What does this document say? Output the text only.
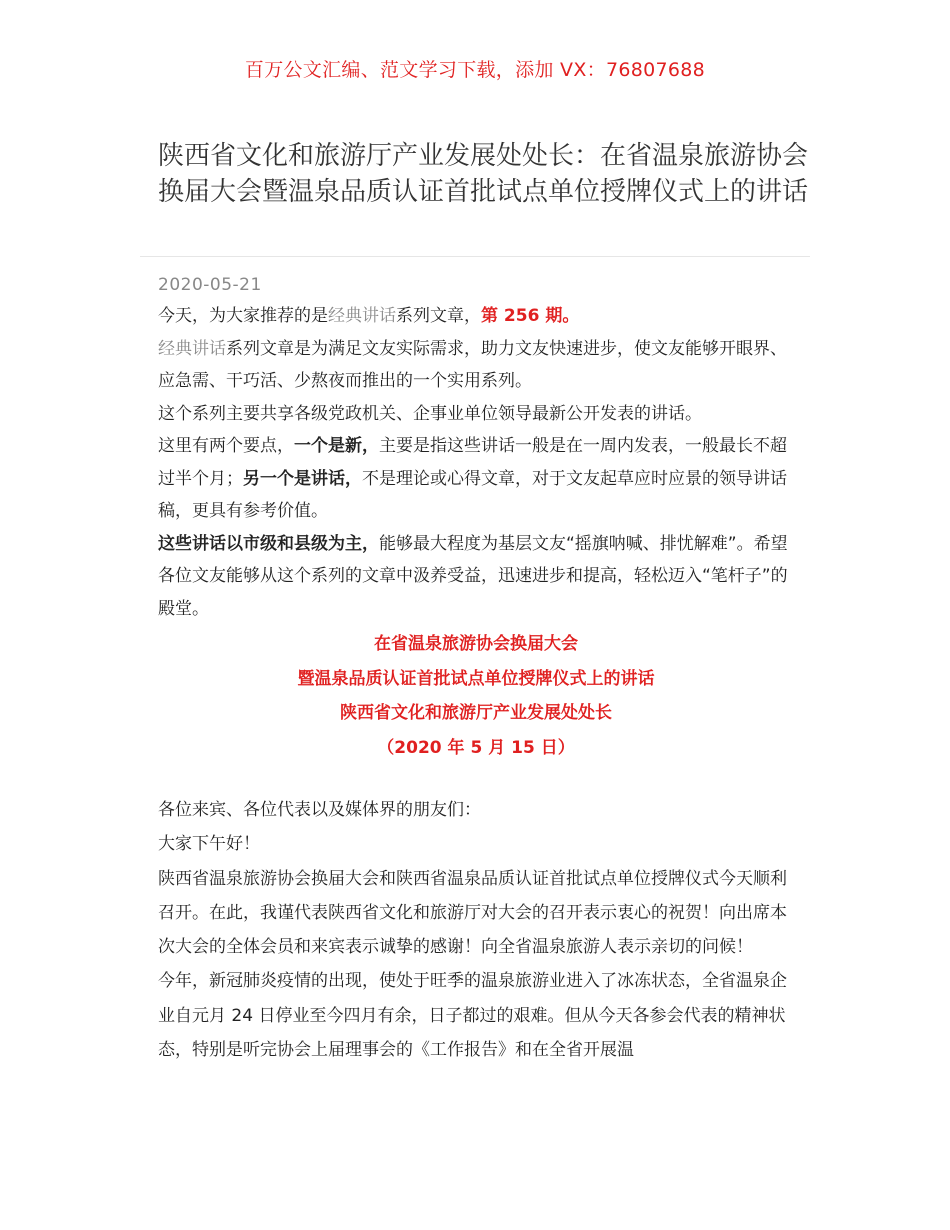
百万公文汇编、范文学习下载，添加 VX：76807688
陕西省文化和旅游厅产业发展处处长：在省温泉旅游协会换届大会暨温泉品质认证首批试点单位授牌仪式上的讲话
2020-05-21

今天，为大家推荐的是经典讲话系列文章，第 256 期。

经典讲话系列文章是为满足文友实际需求，助力文友快速进步，使文友能够开眼界、应急需、干巧活、少熬夜而推出的一个实用系列。

这个系列主要共享各级党政机关、企事业单位领导最新公开发表的讲话。

这里有两个要点，一个是新，主要是指这些讲话一般是在一周内发表，一般最长不超过半个月；另一个是讲话，不是理论或心得文章，对于文友起草应时应景的领导讲话稿，更具有参考价值。

这些讲话以市级和县级为主，能够最大程度为基层文友“摇旗呐喊、排忧解难”。希望各位文友能够从这个系列的文章中汲养受益，迅速进步和提高，轻松迈入“笔杆子”的殿堂。

在省温泉旅游协会换届大会
暨温泉品质认证首批试点单位授牌仪式上的讲话
陕西省文化和旅游厅产业发展处处长
（2020 年 5 月 15 日）

各位来宾、各位代表以及媒体界的朋友们：

大家下午好！

陕西省温泉旅游协会换届大会和陕西省温泉品质认证首批试点单位授牌仪式今天顺利召开。在此，我谨代表陕西省文化和旅游厅对大会的召开表示衷心的祝贺！向出席本次大会的全体会员和来宾表示诚挚的感谢！向全省温泉旅游人表示亲切的问候！

今年，新冠肺炎疫情的出现，使处于旺季的温泉旅游业进入了冰冻状态，全省温泉企业自元月 24 日停业至今四月有余，日子都过的艰难。但从今天各参会代表的精神状态，特别是听完协会上届理事会的《工作报告》和在全省开展温
